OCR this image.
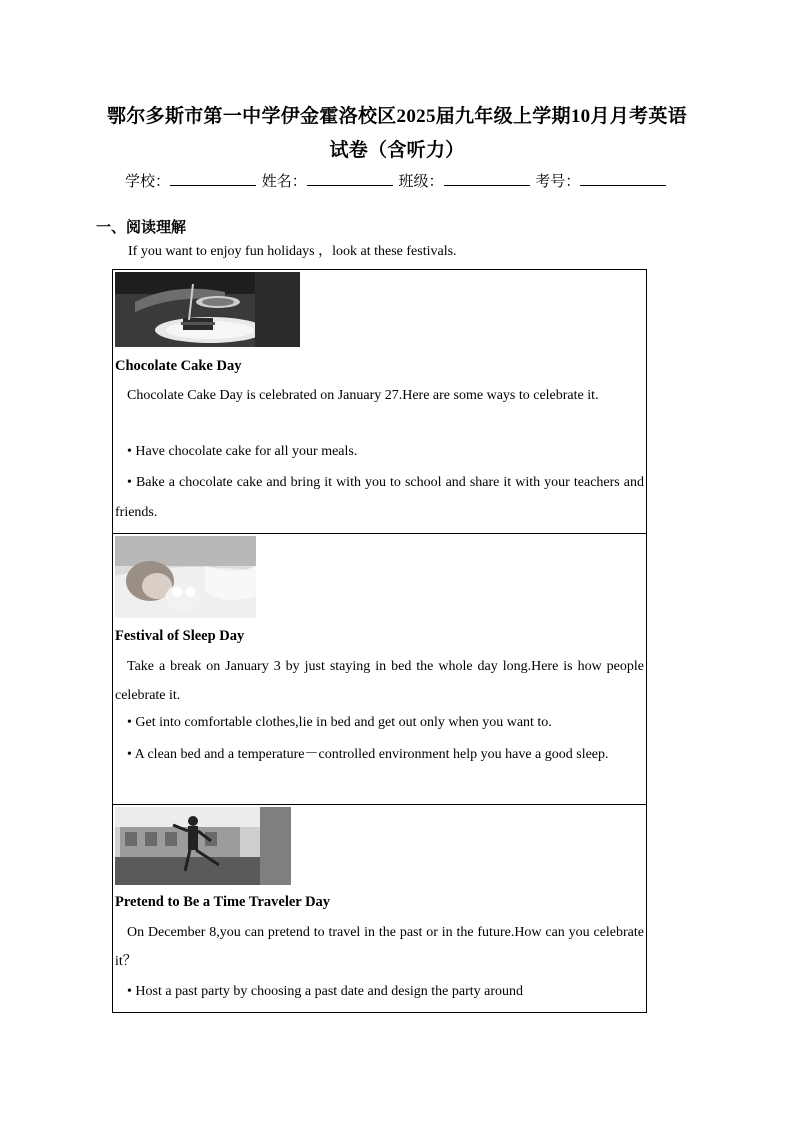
鄂尔多斯市第一中学伊金霍洛校区2025届九年级上学期10月月考英语
试卷（含听力）
学校：	姓名：	班级：	考号：
一、阅读理解
If you want to enjoy fun holidays ，look at these festivals.
Chocolate Cake Day
Chocolate Cake Day is celebrated on January 27.Here are some ways to celebrate it.
• Have chocolate cake for all your meals.
• Bake a chocolate cake and bring it with you to school and share it with your teachers and friends.
Festival of Sleep Day
Take a break on January 3 by just staying in bed the whole day long.Here is how people celebrate it.
• Get into comfortable clothes,lie in bed and get out only when you want to.
• A clean bed and a temperature－controlled environment help you have a good sleep.
Pretend to Be a Time Traveler Day
On December 8,you can pretend to travel in the past or in the future.How can you celebrate it？
• Host a past party by choosing a past date and design the party around
